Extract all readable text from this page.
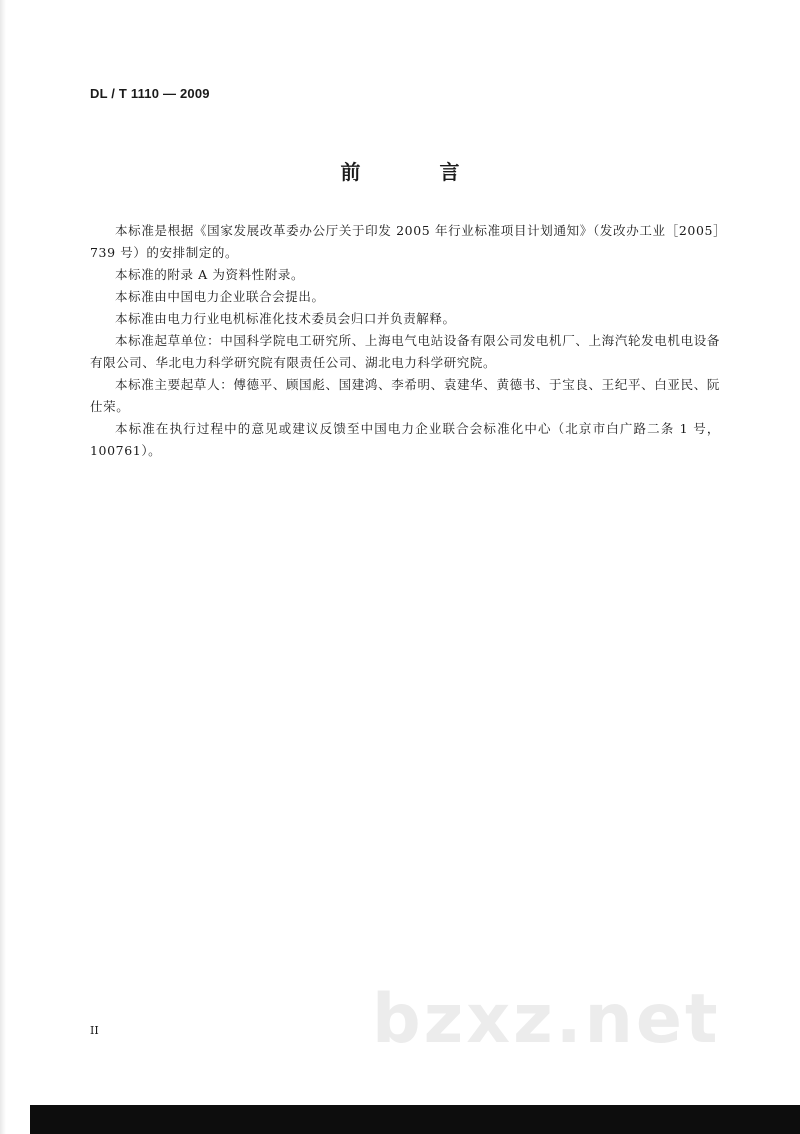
DL / T 1110 — 2009
前 言

本标准是根据《国家发展改革委办公厅关于印发 2005 年行业标准项目计划通知》（发改办工业［2005］739 号）的安排制定的。

本标准的附录 A 为资料性附录。

本标准由中国电力企业联合会提出。

本标准由电力行业电机标准化技术委员会归口并负责解释。

本标准起草单位：中国科学院电工研究所、上海电气电站设备有限公司发电机厂、上海汽轮发电机电设备有限公司、华北电力科学研究院有限责任公司、湖北电力科学研究院。

本标准主要起草人：傅德平、顾国彪、国建鸿、李希明、袁建华、黄德书、于宝良、王纪平、白亚民、阮仕荣。

本标准在执行过程中的意见或建议反馈至中国电力企业联合会标准化中心（北京市白广路二条 1 号，100761）。

bzxz.net
II
